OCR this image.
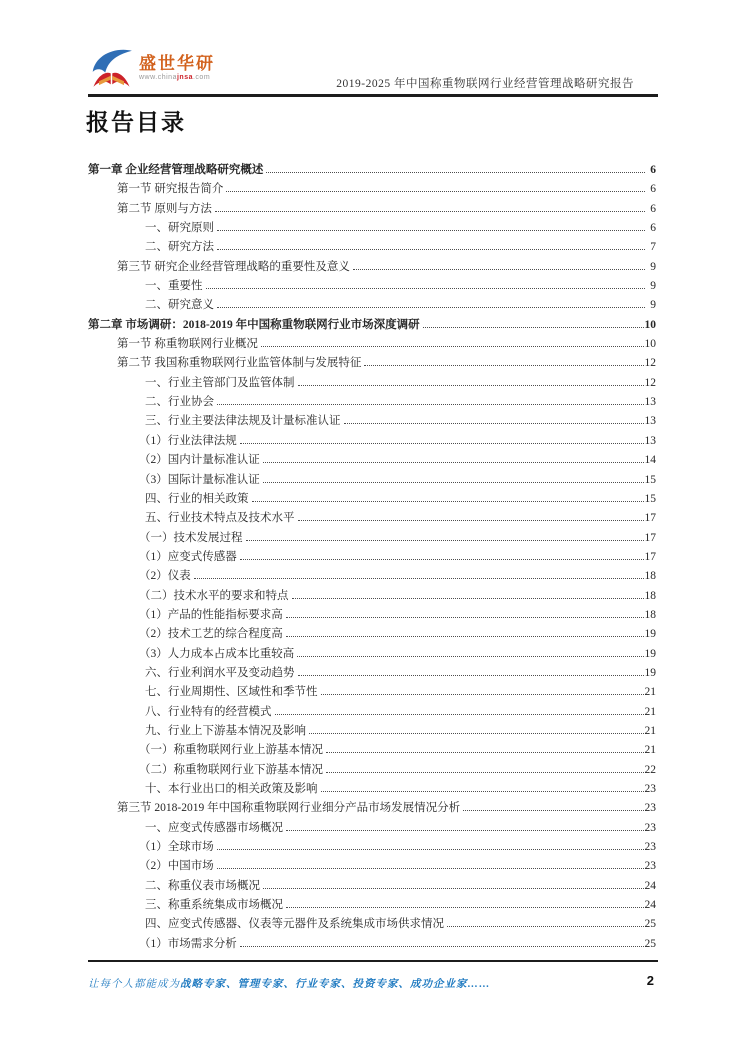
盛世华研
www.chinajnsa.com
2019-2025 年中国称重物联网行业经营管理战略研究报告
报告目录
第一章 企业经营管理战略研究概述	6
第一节 研究报告简介	6
第二节 原则与方法	6
一、研究原则	6
二、研究方法	7
第三节 研究企业经营管理战略的重要性及意义	9
一、重要性	9
二、研究意义	9
第二章 市场调研：2018-2019 年中国称重物联网行业市场深度调研	10
第一节 称重物联网行业概况	10
第二节 我国称重物联网行业监管体制与发展特征	12
一、行业主管部门及监管体制	12
二、行业协会	13
三、行业主要法律法规及计量标准认证	13
（1）行业法律法规	13
（2）国内计量标准认证	14
（3）国际计量标准认证	15
四、行业的相关政策	15
五、行业技术特点及技术水平	17
（一）技术发展过程	17
（1）应变式传感器	17
（2）仪表	18
（二）技术水平的要求和特点	18
（1）产品的性能指标要求高	18
（2）技术工艺的综合程度高	19
（3）人力成本占成本比重较高	19
六、行业利润水平及变动趋势	19
七、行业周期性、区域性和季节性	21
八、行业特有的经营模式	21
九、行业上下游基本情况及影响	21
（一）称重物联网行业上游基本情况	21
（二）称重物联网行业下游基本情况	22
十、本行业出口的相关政策及影响	23
第三节 2018-2019 年中国称重物联网行业细分产品市场发展情况分析	23
一、应变式传感器市场概况	23
（1）全球市场	23
（2）中国市场	23
二、称重仪表市场概况	24
三、称重系统集成市场概况	24
四、应变式传感器、仪表等元器件及系统集成市场供求情况	25
（1）市场需求分析	25
让每个人都能成为战略专家、管理专家、行业专家、投资专家、成功企业家……	2
